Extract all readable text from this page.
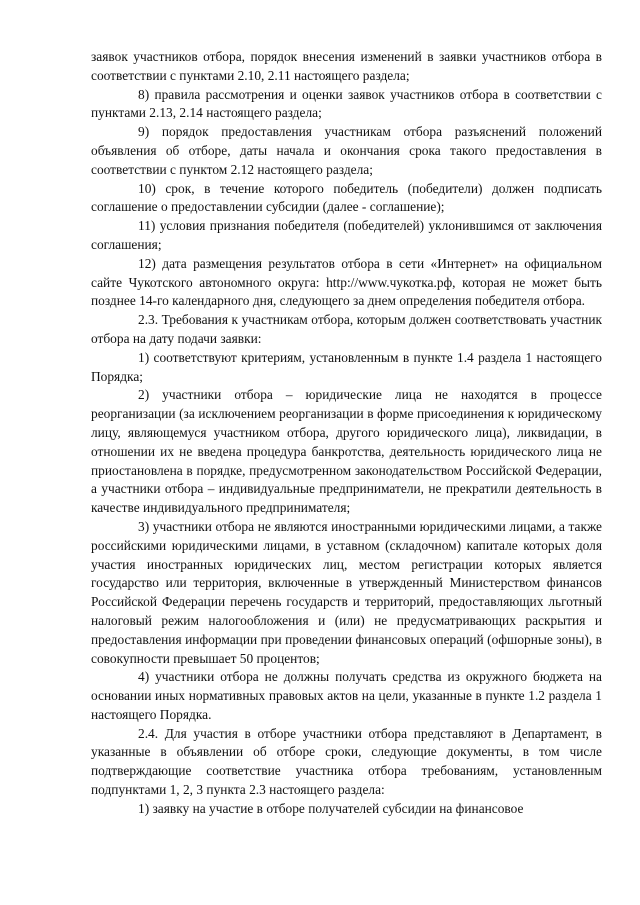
заявок участников отбора, порядок внесения изменений в заявки участников отбора в соответствии с пунктами 2.10, 2.11 настоящего раздела;

8) правила рассмотрения и оценки заявок участников отбора в соответствии с пунктами 2.13, 2.14 настоящего раздела;

9) порядок предоставления участникам отбора разъяснений положений объявления об отборе, даты начала и окончания срока такого предоставления в соответствии с пунктом 2.12 настоящего раздела;

10) срок, в течение которого победитель (победители) должен подписать соглашение о предоставлении субсидии (далее - соглашение);

11) условия признания победителя (победителей) уклонившимся от заключения соглашения;

12) дата размещения результатов отбора в сети «Интернет» на официальном сайте Чукотского автономного округа: http://www.чукотка.рф, которая не может быть позднее 14-го календарного дня, следующего за днем определения победителя отбора.

2.3. Требования к участникам отбора, которым должен соответствовать участник отбора на дату подачи заявки:

1) соответствуют критериям, установленным в пункте 1.4 раздела 1 настоящего Порядка;

2) участники отбора – юридические лица не находятся в процессе реорганизации (за исключением реорганизации в форме присоединения к юридическому лицу, являющемуся участником отбора, другого юридического лица), ликвидации, в отношении их не введена процедура банкротства, деятельность юридического лица не приостановлена в порядке, предусмотренном законодательством Российской Федерации, а участники отбора – индивидуальные предприниматели, не прекратили деятельность в качестве индивидуального предпринимателя;

3) участники отбора не являются иностранными юридическими лицами, а также российскими юридическими лицами, в уставном (складочном) капитале которых доля участия иностранных юридических лиц, местом регистрации которых является государство или территория, включенные в утвержденный Министерством финансов Российской Федерации перечень государств и территорий, предоставляющих льготный налоговый режим налогообложения и (или) не предусматривающих раскрытия и предоставления информации при проведении финансовых операций (офшорные зоны), в совокупности превышает 50 процентов;

4) участники отбора не должны получать средства из окружного бюджета на основании иных нормативных правовых актов на цели, указанные в пункте 1.2 раздела 1 настоящего Порядка.

2.4. Для участия в отборе участники отбора представляют в Департамент, в указанные в объявлении об отборе сроки, следующие документы, в том числе подтверждающие соответствие участника отбора требованиям, установленным подпунктами 1, 2, 3 пункта 2.3 настоящего раздела:

1) заявку на участие в отборе получателей субсидии на финансовое
